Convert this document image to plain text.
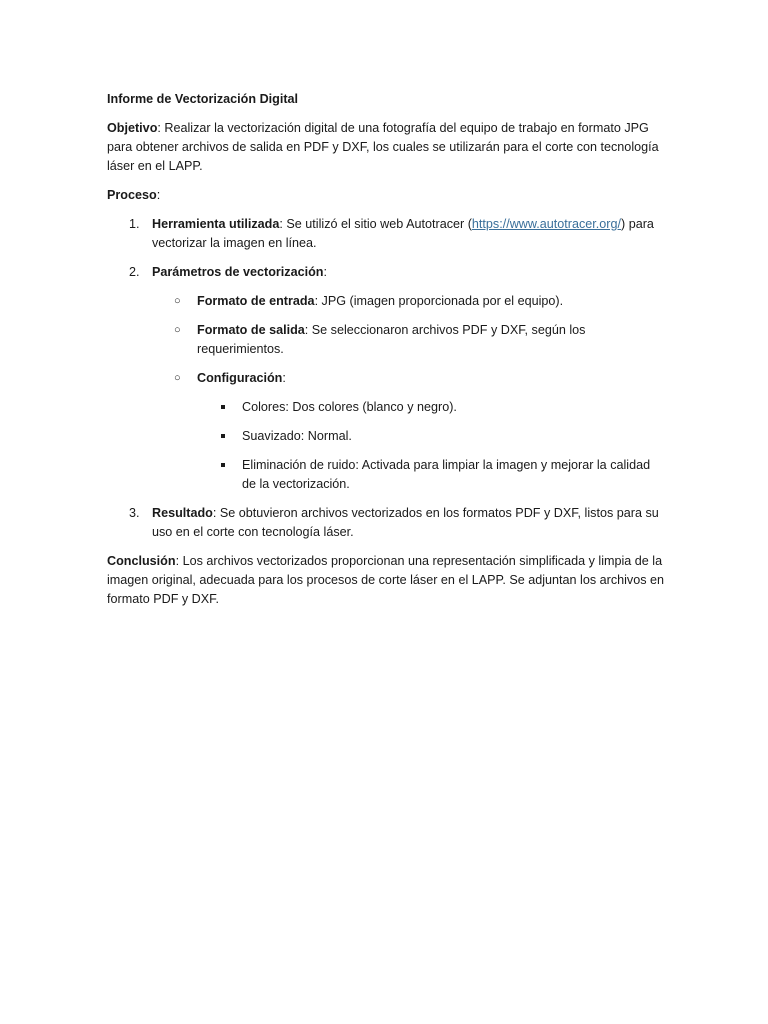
Informe de Vectorización Digital

Objetivo: Realizar la vectorización digital de una fotografía del equipo de trabajo en formato JPG para obtener archivos de salida en PDF y DXF, los cuales se utilizarán para el corte con tecnología láser en el LAPP.

Proceso:

1. Herramienta utilizada: Se utilizó el sitio web Autotracer (https://www.autotracer.org/) para vectorizar la imagen en línea.
2. Parámetros de vectorización:
○ Formato de entrada: JPG (imagen proporcionada por el equipo).
○ Formato de salida: Se seleccionaron archivos PDF y DXF, según los requerimientos.
○ Configuración:
Colores: Dos colores (blanco y negro).
Suavizado: Normal.
Eliminación de ruido: Activada para limpiar la imagen y mejorar la calidad de la vectorización.
3. Resultado: Se obtuvieron archivos vectorizados en los formatos PDF y DXF, listos para su uso en el corte con tecnología láser.

Conclusión: Los archivos vectorizados proporcionan una representación simplificada y limpia de la imagen original, adecuada para los procesos de corte láser en el LAPP. Se adjuntan los archivos en formato PDF y DXF.
